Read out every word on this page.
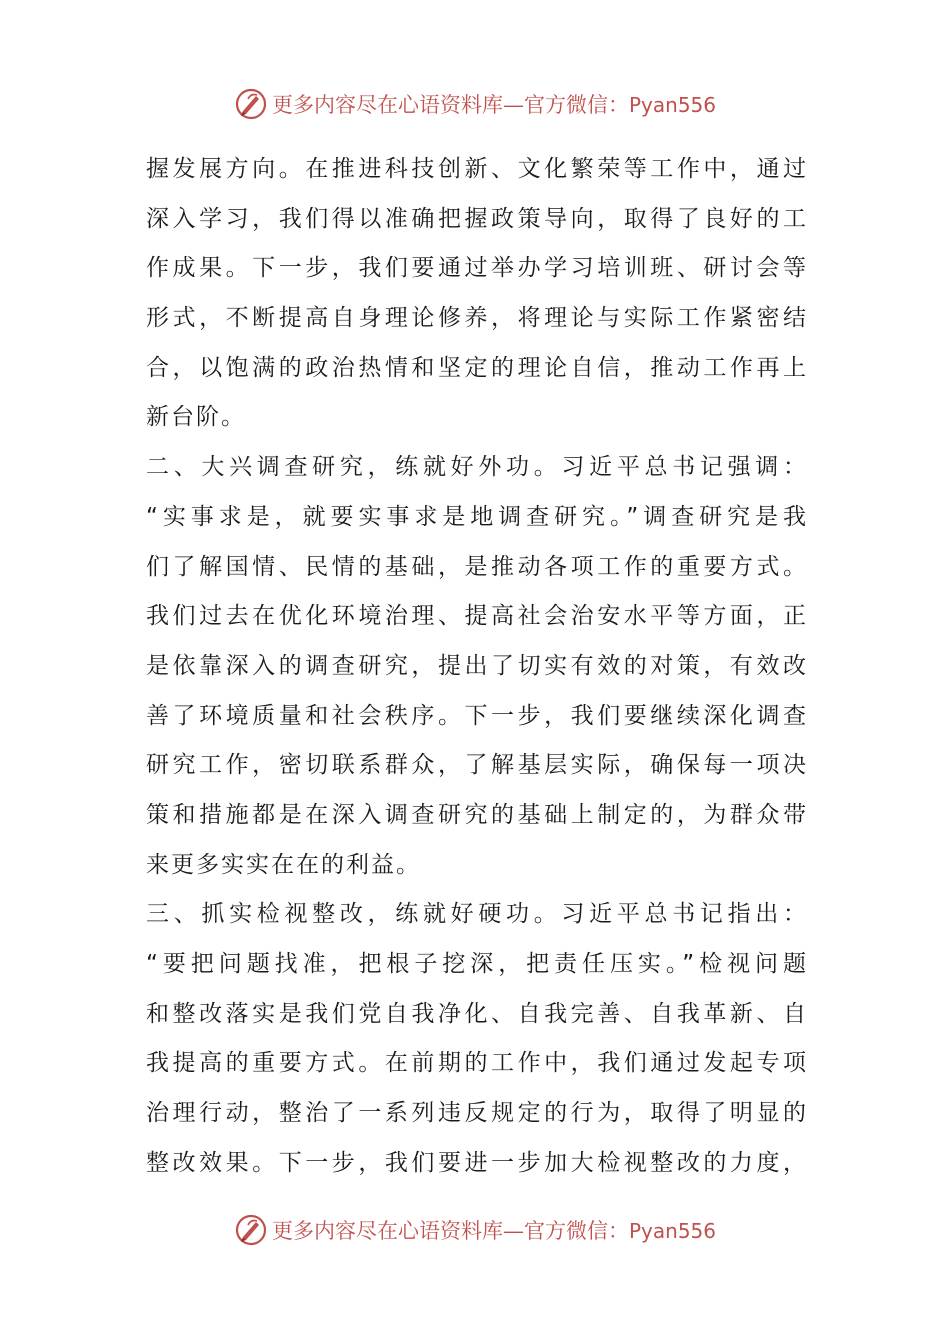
更多内容尽在心语资料库—官方微信：Pyan556
握发展方向。在推进科技创新、文化繁荣等工作中，通过
深入学习，我们得以准确把握政策导向，取得了良好的工
作成果。下一步，我们要通过举办学习培训班、研讨会等
形式，不断提高自身理论修养，将理论与实际工作紧密结
合，以饱满的政治热情和坚定的理论自信，推动工作再上
新台阶。
二、大兴调查研究，练就好外功。习近平总书记强调：
“实事求是，就要实事求是地调查研究。”调查研究是我
们了解国情、民情的基础，是推动各项工作的重要方式。
我们过去在优化环境治理、提高社会治安水平等方面，正
是依靠深入的调查研究，提出了切实有效的对策，有效改
善了环境质量和社会秩序。下一步，我们要继续深化调查
研究工作，密切联系群众，了解基层实际，确保每一项决
策和措施都是在深入调查研究的基础上制定的，为群众带
来更多实实在在的利益。
三、抓实检视整改，练就好硬功。习近平总书记指出：
“要把问题找准，把根子挖深，把责任压实。”检视问题
和整改落实是我们党自我净化、自我完善、自我革新、自
我提高的重要方式。在前期的工作中，我们通过发起专项
治理行动，整治了一系列违反规定的行为，取得了明显的
整改效果。下一步，我们要进一步加大检视整改的力度，
更多内容尽在心语资料库—官方微信：Pyan556
